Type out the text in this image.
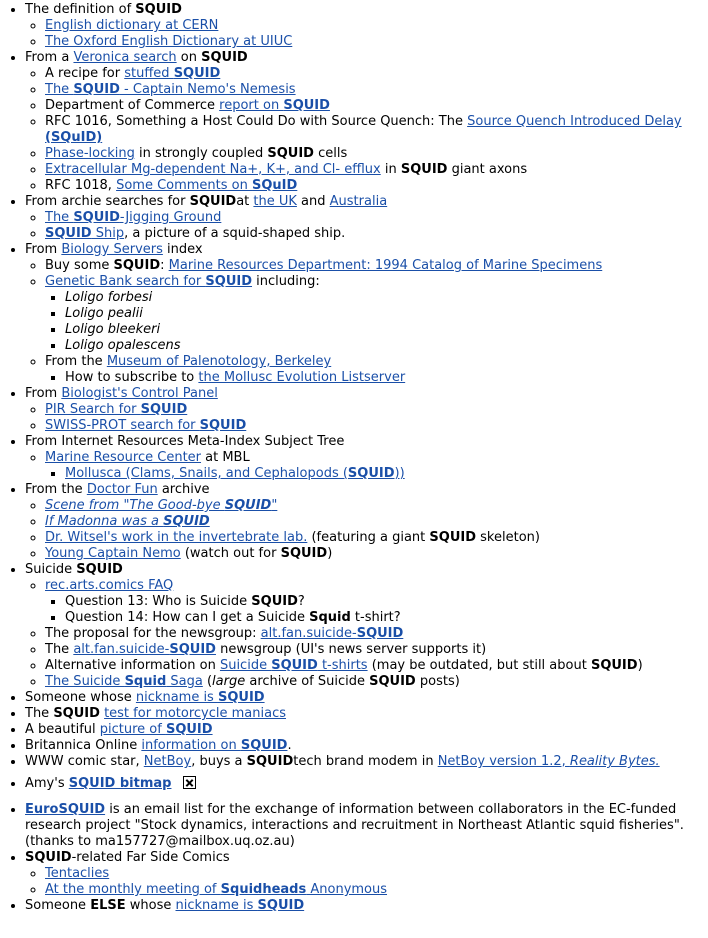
• The definition of SQUID
◦ English dictionary at CERN
◦ The Oxford English Dictionary at UIUC
• From a Veronica search on SQUID
◦ A recipe for stuffed SQUID
◦ The SQUID - Captain Nemo's Nemesis
◦ Department of Commerce report on SQUID
◦ RFC 1016, Something a Host Could Do with Source Quench: The Source Quench Introduced Delay (SQuID)
◦ Phase-locking in strongly coupled SQUID cells
◦ Extracellular Mg-dependent Na+, K+, and Cl- efflux in SQUID giant axons
◦ RFC 1018, Some Comments on SQuID
• From archie searches for SQUIDat the UK and Australia
◦ The SQUID-Jigging Ground
◦ SQUID Ship, a picture of a squid-shaped ship.
• From Biology Servers index
◦ Buy some SQUID: Marine Resources Department: 1994 Catalog of Marine Specimens
◦ Genetic Bank search for SQUID including:
▪ Loligo forbesi
▪ Loligo pealii
▪ Loligo bleekeri
▪ Loligo opalescens
◦ From the Museum of Palenotology, Berkeley
▪ How to subscribe to the Mollusc Evolution Listserver
• From Biologist's Control Panel
◦ PIR Search for SQUID
◦ SWISS-PROT search for SQUID
• From Internet Resources Meta-Index Subject Tree
◦ Marine Resource Center at MBL
▪ Mollusca (Clams, Snails, and Cephalopods (SQUID))
• From the Doctor Fun archive
◦ Scene from "The Good-bye SQUID"
◦ If Madonna was a SQUID
◦ Dr. Witsel's work in the invertebrate lab. (featuring a giant SQUID skeleton)
◦ Young Captain Nemo (watch out for SQUID)
• Suicide SQUID
◦ rec.arts.comics FAQ
▪ Question 13: Who is Suicide SQUID?
▪ Question 14: How can I get a Suicide Squid t-shirt?
◦ The proposal for the newsgroup: alt.fan.suicide-SQUID
◦ The alt.fan.suicide-SQUID newsgroup (UI's news server supports it)
◦ Alternative information on Suicide SQUID t-shirts (may be outdated, but still about SQUID)
◦ The Suicide Squid Saga (large archive of Suicide SQUID posts)
• Someone whose nickname is SQUID
• The SQUID test for motorcycle maniacs
• A beautiful picture of SQUID
• Britannica Online information on SQUID.
• WWW comic star, NetBoy, buys a SQUIDtech brand modem in NetBoy version 1.2, Reality Bytes.
• Amy's SQUID bitmap
• EuroSQUID is an email list for the exchange of information between collaborators in the EC-funded research project "Stock dynamics, interactions and recruitment in Northeast Atlantic squid fisheries". (thanks to ma157727@mailbox.uq.oz.au)
• SQUID-related Far Side Comics
◦ Tentaclies
◦ At the monthly meeting of Squidheads Anonymous
• Someone ELSE whose nickname is SQUID
